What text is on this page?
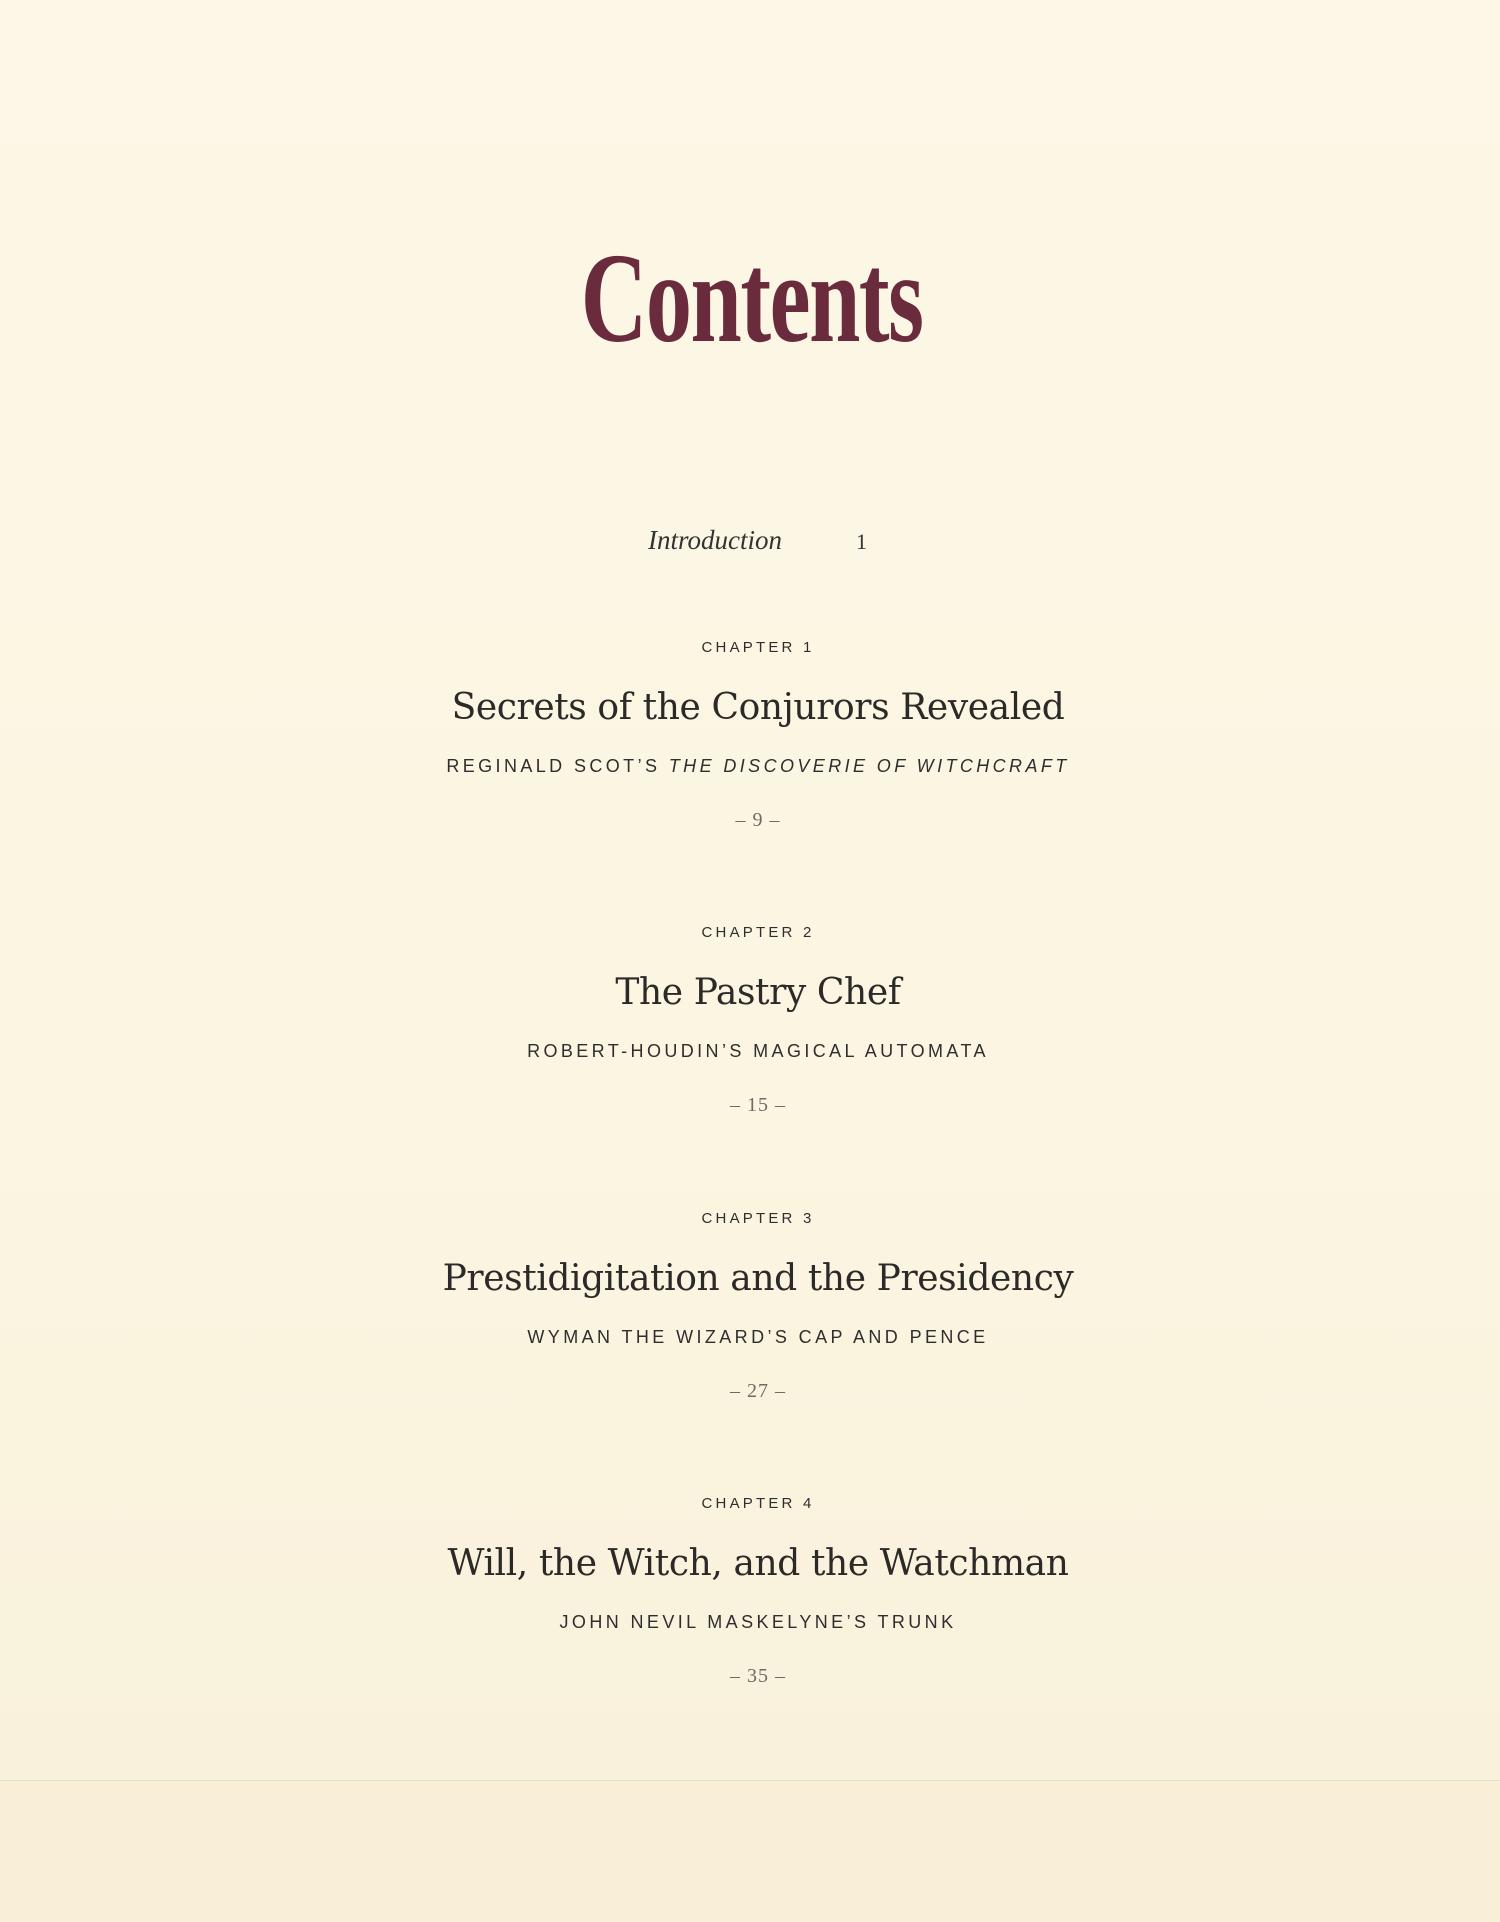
Contents
Introduction	1
CHAPTER 1
Secrets of the Conjurors Revealed
REGINALD SCOT’S THE DISCOVERIE OF WITCHCRAFT
– 9 –
CHAPTER 2
The Pastry Chef
ROBERT-HOUDIN’S MAGICAL AUTOMATA
– 15 –
CHAPTER 3
Prestidigitation and the Presidency
WYMAN THE WIZARD’S CAP AND PENCE
– 27 –
CHAPTER 4
Will, the Witch, and the Watchman
JOHN NEVIL MASKELYNE’S TRUNK
– 35 –
